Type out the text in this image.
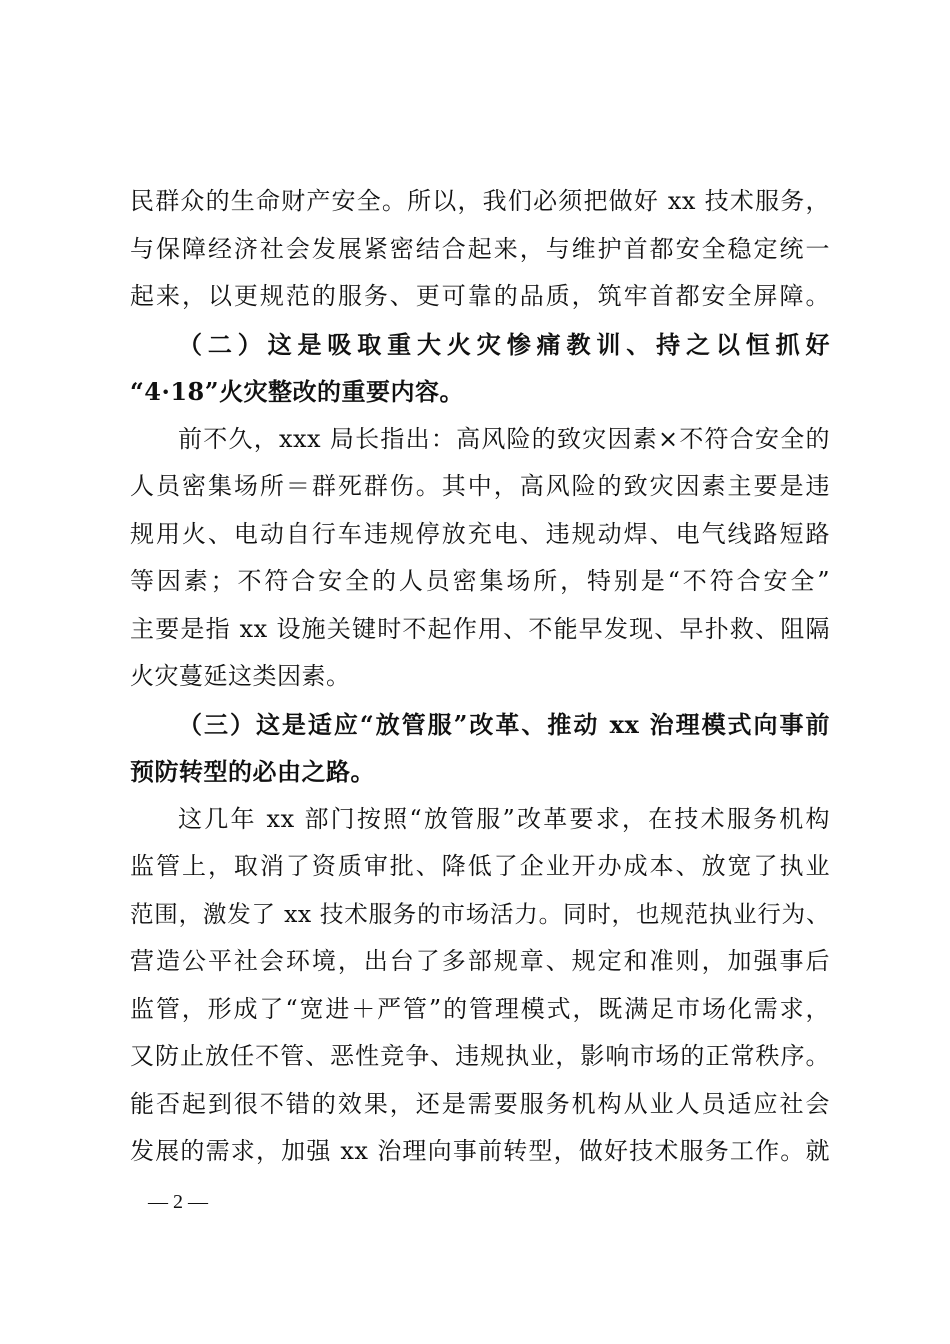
民群众的生命财产安全。所以，我们必须把做好 xx 技术服务，
与保障经济社会发展紧密结合起来，与维护首都安全稳定统一
起来，以更规范的服务、更可靠的品质，筑牢首都安全屏障。
（二）这是吸取重大火灾惨痛教训、持之以恒抓好
“4·18”火灾整改的重要内容。
前不久，xxx 局长指出：高风险的致灾因素×不符合安全的
人员密集场所＝群死群伤。其中，高风险的致灾因素主要是违
规用火、电动自行车违规停放充电、违规动焊、电气线路短路
等因素；不符合安全的人员密集场所，特别是“不符合安全”
主要是指 xx 设施关键时不起作用、不能早发现、早扑救、阻隔
火灾蔓延这类因素。
（三）这是适应“放管服”改革、推动 xx 治理模式向事前
预防转型的必由之路。
这几年 xx 部门按照“放管服”改革要求，在技术服务机构
监管上，取消了资质审批、降低了企业开办成本、放宽了执业
范围，激发了 xx 技术服务的市场活力。同时，也规范执业行为、
营造公平社会环境，出台了多部规章、规定和准则，加强事后
监管，形成了“宽进＋严管”的管理模式，既满足市场化需求，
又防止放任不管、恶性竞争、违规执业，影响市场的正常秩序。
能否起到很不错的效果，还是需要服务机构从业人员适应社会
发展的需求，加强 xx 治理向事前转型，做好技术服务工作。就
— 2 —
